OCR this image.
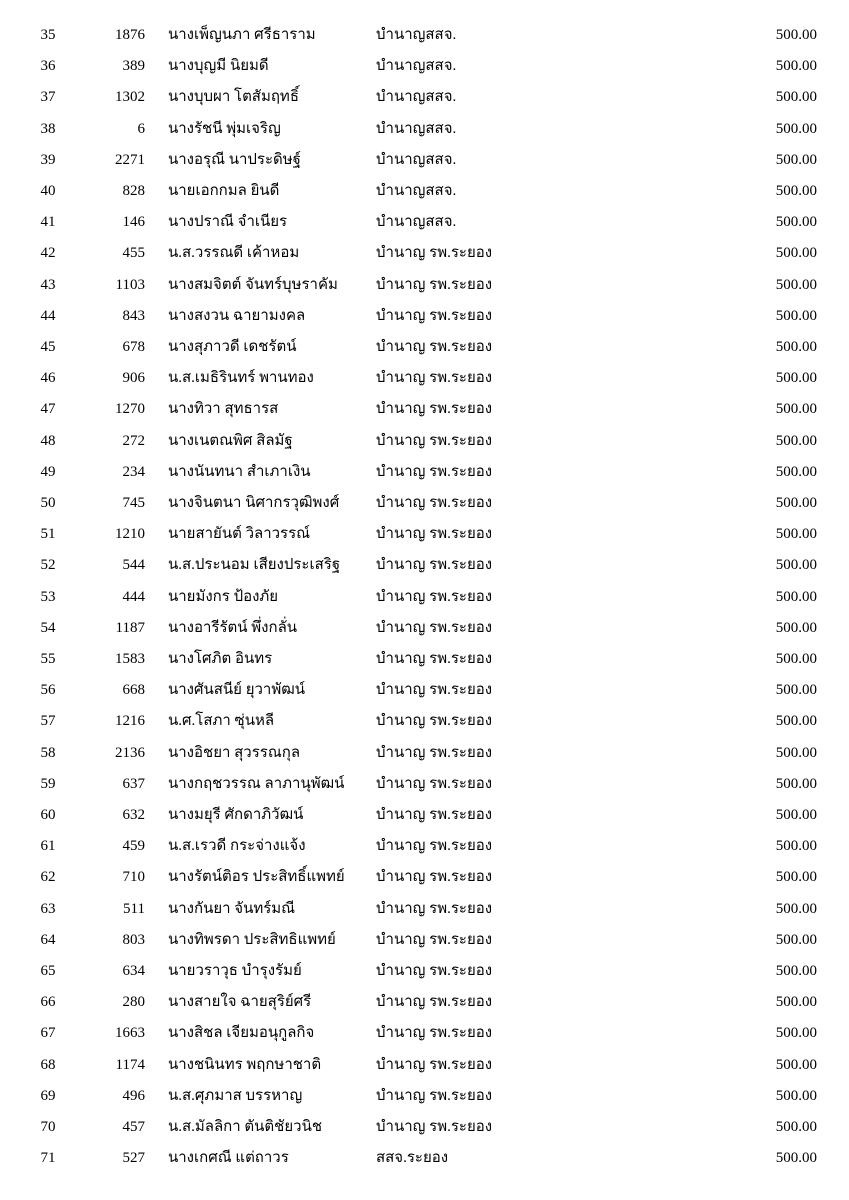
35	1876 นางเพ็ญนภา ศรีธาราม	บำนาญสสจ.	500.00
36	389 นางบุญมี นิยมดี	บำนาญสสจ.	500.00
37	1302 นางบุบผา โตสัมฤทธิ์	บำนาญสสจ.	500.00
38	6 นางรัชนี พุ่มเจริญ	บำนาญสสจ.	500.00
39	2271 นางอรุณี นาประดิษฐ์	บำนาญสสจ.	500.00
40	828 นายเอกกมล ยินดี	บำนาญสสจ.	500.00
41	146 นางปราณี จำเนียร	บำนาญสสจ.	500.00
42	455 น.ส.วรรณดี เค้าหอม	บำนาญ รพ.ระยอง	500.00
43	1103 นางสมจิตต์ จันทร์บุษราคัม	บำนาญ รพ.ระยอง	500.00
44	843 นางสงวน ฉายามงคล	บำนาญ รพ.ระยอง	500.00
45	678 นางสุภาวดี เดชรัตน์	บำนาญ รพ.ระยอง	500.00
46	906 น.ส.เมธิรินทร์ พานทอง	บำนาญ รพ.ระยอง	500.00
47	1270 นางทิวา สุทธารส	บำนาญ รพ.ระยอง	500.00
48	272 นางเนตณพิศ สิลมัฐ	บำนาญ รพ.ระยอง	500.00
49	234 นางนันทนา สำเภาเงิน	บำนาญ รพ.ระยอง	500.00
50	745 นางจินตนา นิศากรวุฒิพงศ์	บำนาญ รพ.ระยอง	500.00
51	1210 นายสายันต์ วิลาวรรณ์	บำนาญ รพ.ระยอง	500.00
52	544 น.ส.ประนอม เสียงประเสริฐ	บำนาญ รพ.ระยอง	500.00
53	444 นายมังกร ป้องภัย	บำนาญ รพ.ระยอง	500.00
54	1187 นางอารีรัตน์ พึ่งกลั่น	บำนาญ รพ.ระยอง	500.00
55	1583 นางโศภิต อินทร	บำนาญ รพ.ระยอง	500.00
56	668 นางศันสนีย์ ยุวาพัฒน์	บำนาญ รพ.ระยอง	500.00
57	1216 น.ศ.โสภา ซุ่นหลี	บำนาญ รพ.ระยอง	500.00
58	2136 นางอิชยา สุวรรณกุล	บำนาญ รพ.ระยอง	500.00
59	637 นางกฤชวรรณ ลาภานุพัฒน์	บำนาญ รพ.ระยอง	500.00
60	632 นางมยุรี ศักดาภิวัฒน์	บำนาญ รพ.ระยอง	500.00
61	459 น.ส.เรวดี กระจ่างแจ้ง	บำนาญ รพ.ระยอง	500.00
62	710 นางรัตน์ติอร ประสิทธิ์แพทย์	บำนาญ รพ.ระยอง	500.00
63	511 นางกันยา จันทร์มณี	บำนาญ รพ.ระยอง	500.00
64	803 นางทิพรดา ประสิทธิแพทย์	บำนาญ รพ.ระยอง	500.00
65	634 นายวราวุธ บำรุงรัมย์	บำนาญ รพ.ระยอง	500.00
66	280 นางสายใจ ฉายสุริย์ศรี	บำนาญ รพ.ระยอง	500.00
67	1663 นางสิชล เจียมอนุกูลกิจ	บำนาญ รพ.ระยอง	500.00
68	1174 นางชนินทร พฤกษาชาติ	บำนาญ รพ.ระยอง	500.00
69	496 น.ส.ศุภมาส บรรหาญ	บำนาญ รพ.ระยอง	500.00
70	457 น.ส.มัลลิกา ตันติชัยวนิช	บำนาญ รพ.ระยอง	500.00
71	527 นางเกศณี แต่ถาวร	สสจ.ระยอง	500.00
